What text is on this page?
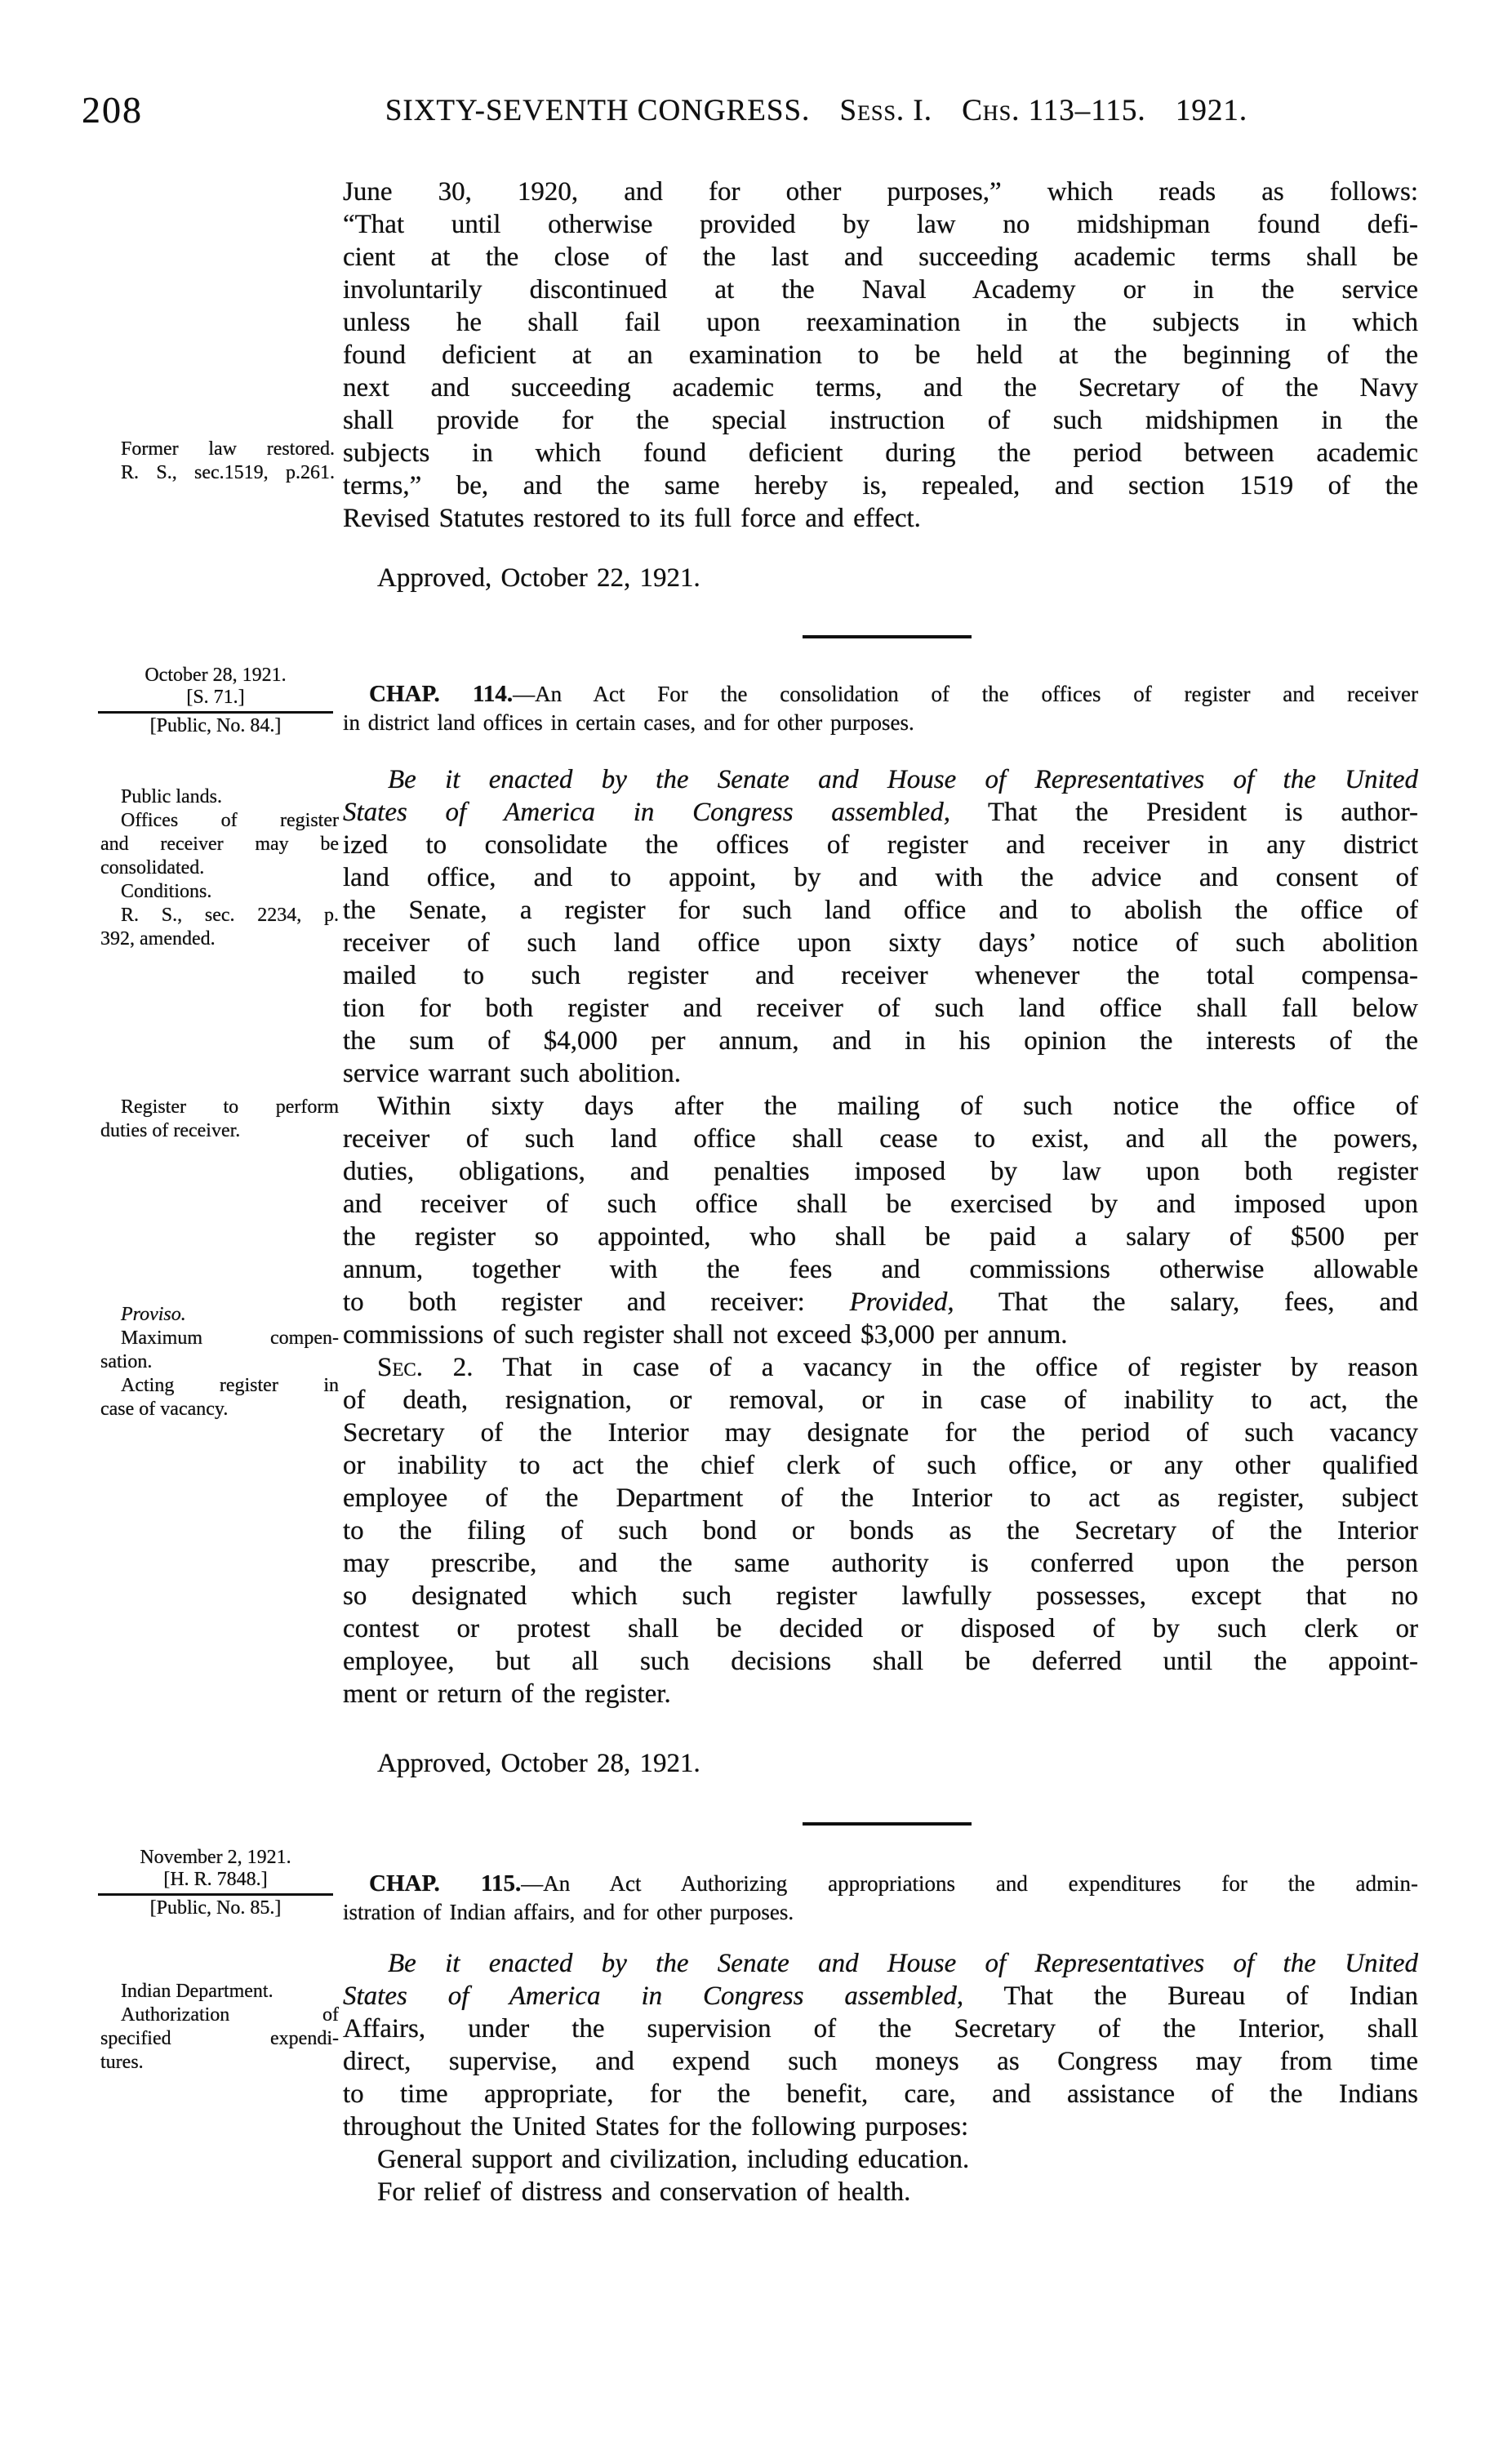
208	SIXTY-SEVENTH CONGRESS. Sess. I. Chs. 113–115. 1921.
Former law restored.
R. S., sec.1519, p.261.
June 30, 1920, and for other purposes,” which reads as follows:
“That until otherwise provided by law no midshipman found defi-
cient at the close of the last and succeeding academic terms shall be
involuntarily discontinued at the Naval Academy or in the service
unless he shall fail upon reexamination in the subjects in which
found deficient at an examination to be held at the beginning of the
next and succeeding academic terms, and the Secretary of the Navy
shall provide for the special instruction of such midshipmen in the
subjects in which found deficient during the period between academic
terms,” be, and the same hereby is, repealed, and section 1519 of the
Revised Statutes restored to its full force and effect.
Approved, October 22, 1921.
October 28, 1921.
[S. 71.]
[Public, No. 84.]
CHAP. 114.—An Act For the consolidation of the offices of register and receiver
in district land offices in certain cases, and for other purposes.
Public lands.
Offices of register
and receiver may be
consolidated.
Conditions.
R. S., sec. 2234, p.
392, amended.
Be it enacted by the Senate and House of Representatives of the United
States of America in Congress assembled, That the President is author-
ized to consolidate the offices of register and receiver in any district
land office, and to appoint, by and with the advice and consent of
the Senate, a register for such land office and to abolish the office of
receiver of such land office upon sixty days’ notice of such abolition
mailed to such register and receiver whenever the total compensa-
tion for both register and receiver of such land office shall fall below
the sum of $4,000 per annum, and in his opinion the interests of the
service warrant such abolition.
Register to perform
duties of receiver.
Within sixty days after the mailing of such notice the office of
receiver of such land office shall cease to exist, and all the powers,
duties, obligations, and penalties imposed by law upon both register
and receiver of such office shall be exercised by and imposed upon
the register so appointed, who shall be paid a salary of $500 per
annum, together with the fees and commissions otherwise allowable
to both register and receiver: Provided, That the salary, fees, and
commissions of such register shall not exceed $3,000 per annum.
Proviso.
Maximum compen-
sation.
Acting register in
case of vacancy.
Sec. 2. That in case of a vacancy in the office of register by reason
of death, resignation, or removal, or in case of inability to act, the
Secretary of the Interior may designate for the period of such vacancy
or inability to act the chief clerk of such office, or any other qualified
employee of the Department of the Interior to act as register, subject
to the filing of such bond or bonds as the Secretary of the Interior
may prescribe, and the same authority is conferred upon the person
so designated which such register lawfully possesses, except that no
contest or protest shall be decided or disposed of by such clerk or
employee, but all such decisions shall be deferred until the appoint-
ment or return of the register.
Approved, October 28, 1921.
November 2, 1921.
[H. R. 7848.]
[Public, No. 85.]
CHAP. 115.—An Act Authorizing appropriations and expenditures for the admin-
istration of Indian affairs, and for other purposes.
Indian Department.
Authorization of
specified expendi-
tures.
Be it enacted by the Senate and House of Representatives of the United
States of America in Congress assembled, That the Bureau of Indian
Affairs, under the supervision of the Secretary of the Interior, shall
direct, supervise, and expend such moneys as Congress may from time
to time appropriate, for the benefit, care, and assistance of the Indians
throughout the United States for the following purposes:
General support and civilization, including education.
For relief of distress and conservation of health.
